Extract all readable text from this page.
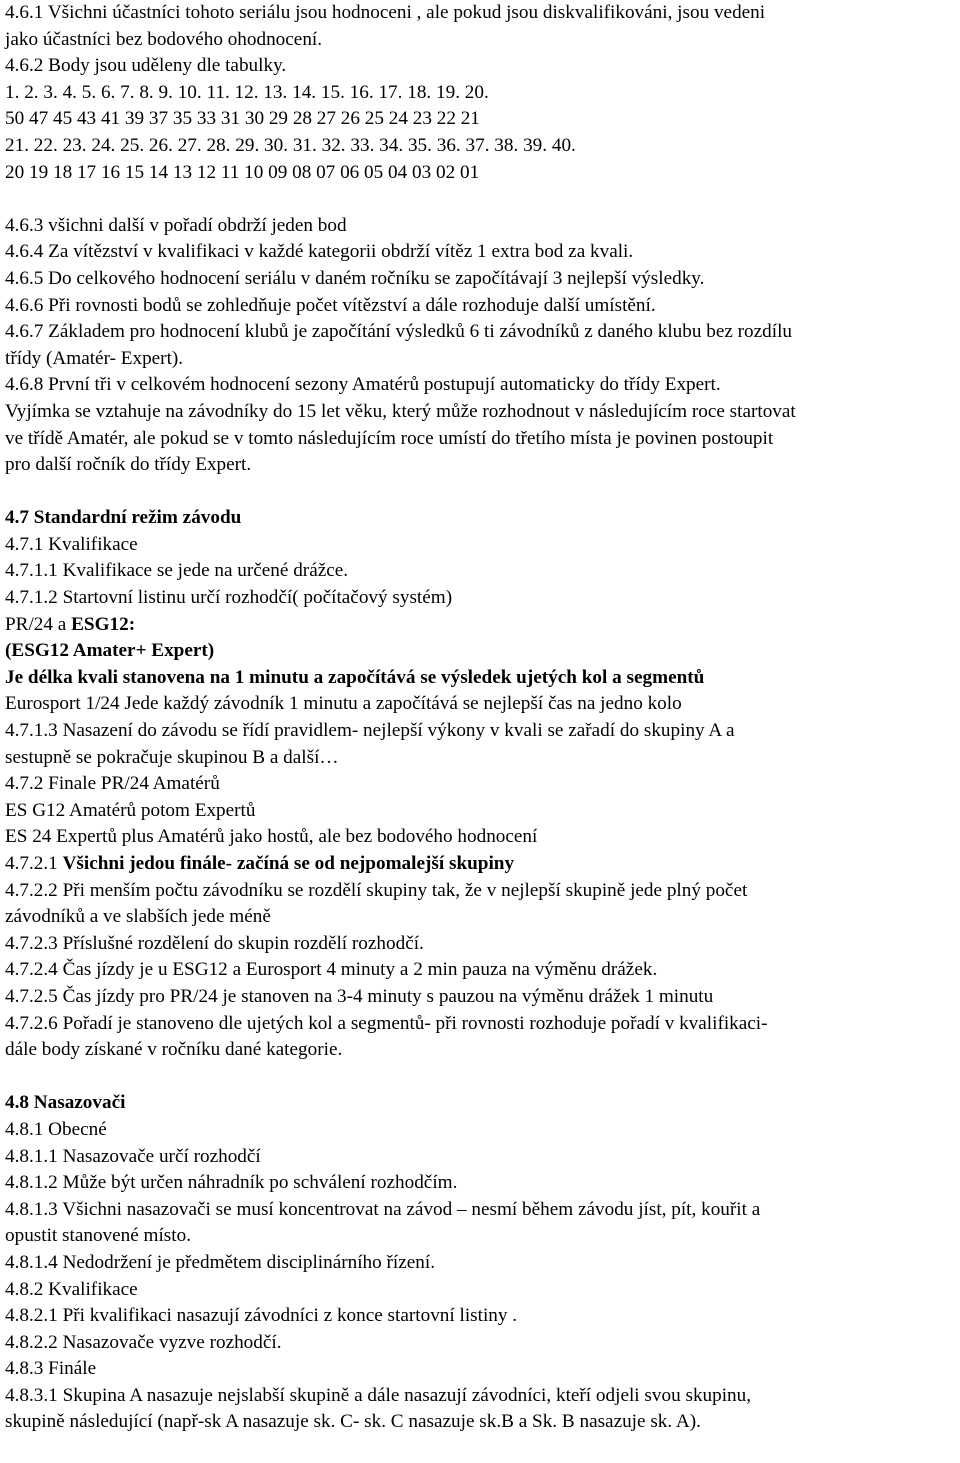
4.6.1 Všichni účastníci tohoto seriálu jsou hodnoceni , ale pokud jsou diskvalifikováni, jsou vedeni
jako účastníci bez bodového ohodnocení.
4.6.2 Body jsou uděleny dle tabulky.
1. 2. 3. 4. 5. 6. 7. 8. 9. 10. 11. 12. 13. 14. 15. 16. 17. 18. 19. 20.
50 47 45 43 41 39 37 35 33 31 30 29 28 27 26 25 24 23 22 21
21. 22. 23. 24. 25. 26. 27. 28. 29. 30. 31. 32. 33. 34. 35. 36. 37. 38. 39. 40.
20 19 18 17 16 15 14 13 12 11 10 09 08 07 06 05 04 03 02 01
4.6.3 všichni další v pořadí obdrží jeden bod
4.6.4 Za vítězství v kvalifikaci v každé kategorii obdrží vítěz 1 extra bod za kvali.
4.6.5 Do celkového hodnocení seriálu v daném ročníku se započítávají 3 nejlepší výsledky.
4.6.6 Při rovnosti bodů se zohledňuje počet vítězství a dále rozhoduje další umístění.
4.6.7 Základem pro hodnocení klubů je započítání výsledků 6 ti závodníků z daného klubu bez rozdílu
třídy (Amatér- Expert).
4.6.8 První tři v celkovém hodnocení sezony Amatérů postupují automaticky do třídy Expert.
Vyjímka se vztahuje na závodníky do 15 let věku, který může rozhodnout v následujícím roce startovat
ve třídě Amatér, ale pokud se v tomto následujícím roce umístí do třetího místa je povinen postoupit
pro další ročník do třídy Expert.
4.7 Standardní režim závodu
4.7.1 Kvalifikace
4.7.1.1 Kvalifikace se jede na určené drážce.
4.7.1.2 Startovní listinu určí rozhodčí( počítačový systém)
PR/24 a ESG12:
(ESG12 Amater+ Expert)
Je délka kvali stanovena na 1 minutu a započítává se výsledek ujetých kol a segmentů
Eurosport 1/24 Jede každý závodník 1 minutu a započítává se nejlepší čas na jedno kolo
4.7.1.3 Nasazení do závodu se řídí pravidlem- nejlepší výkony v kvali se zařadí do skupiny A a
sestupně se pokračuje skupinou B a další…
4.7.2 Finale PR/24 Amatérů
ES G12 Amatérů potom Expertů
ES 24 Expertů plus Amatérů jako hostů, ale bez bodového hodnocení
4.7.2.1 Všichni jedou finále- začíná se od nejpomalejší skupiny
4.7.2.2 Při menším počtu závodníku se rozdělí skupiny tak, že v nejlepší skupině jede plný počet
závodníků a ve slabších jede méně
4.7.2.3 Příslušné rozdělení do skupin rozdělí rozhodčí.
4.7.2.4 Čas jízdy je u ESG12 a Eurosport 4 minuty a 2 min pauza na výměnu drážek.
4.7.2.5 Čas jízdy pro PR/24 je stanoven na 3-4 minuty s pauzou na výměnu drážek 1 minutu
4.7.2.6 Pořadí je stanoveno dle ujetých kol a segmentů- při rovnosti rozhoduje pořadí v kvalifikaci-
dále body získané v ročníku dané kategorie.
4.8 Nasazovači
4.8.1 Obecné
4.8.1.1 Nasazovače určí rozhodčí
4.8.1.2 Může být určen náhradník po schválení rozhodčím.
4.8.1.3 Všichni nasazovači se musí koncentrovat na závod – nesmí během závodu jíst, pít, kouřit a
opustit stanovené místo.
4.8.1.4 Nedodržení je předmětem disciplinárního řízení.
4.8.2 Kvalifikace
4.8.2.1 Při kvalifikaci nasazují závodníci z konce startovní listiny .
4.8.2.2 Nasazovače vyzve rozhodčí.
4.8.3 Finále
4.8.3.1 Skupina A nasazuje nejslabší skupině a dále nasazují závodníci, kteří odjeli svou skupinu,
skupině následující (např-sk A nasazuje sk. C- sk. C nasazuje sk.B a Sk. B nasazuje sk. A).
